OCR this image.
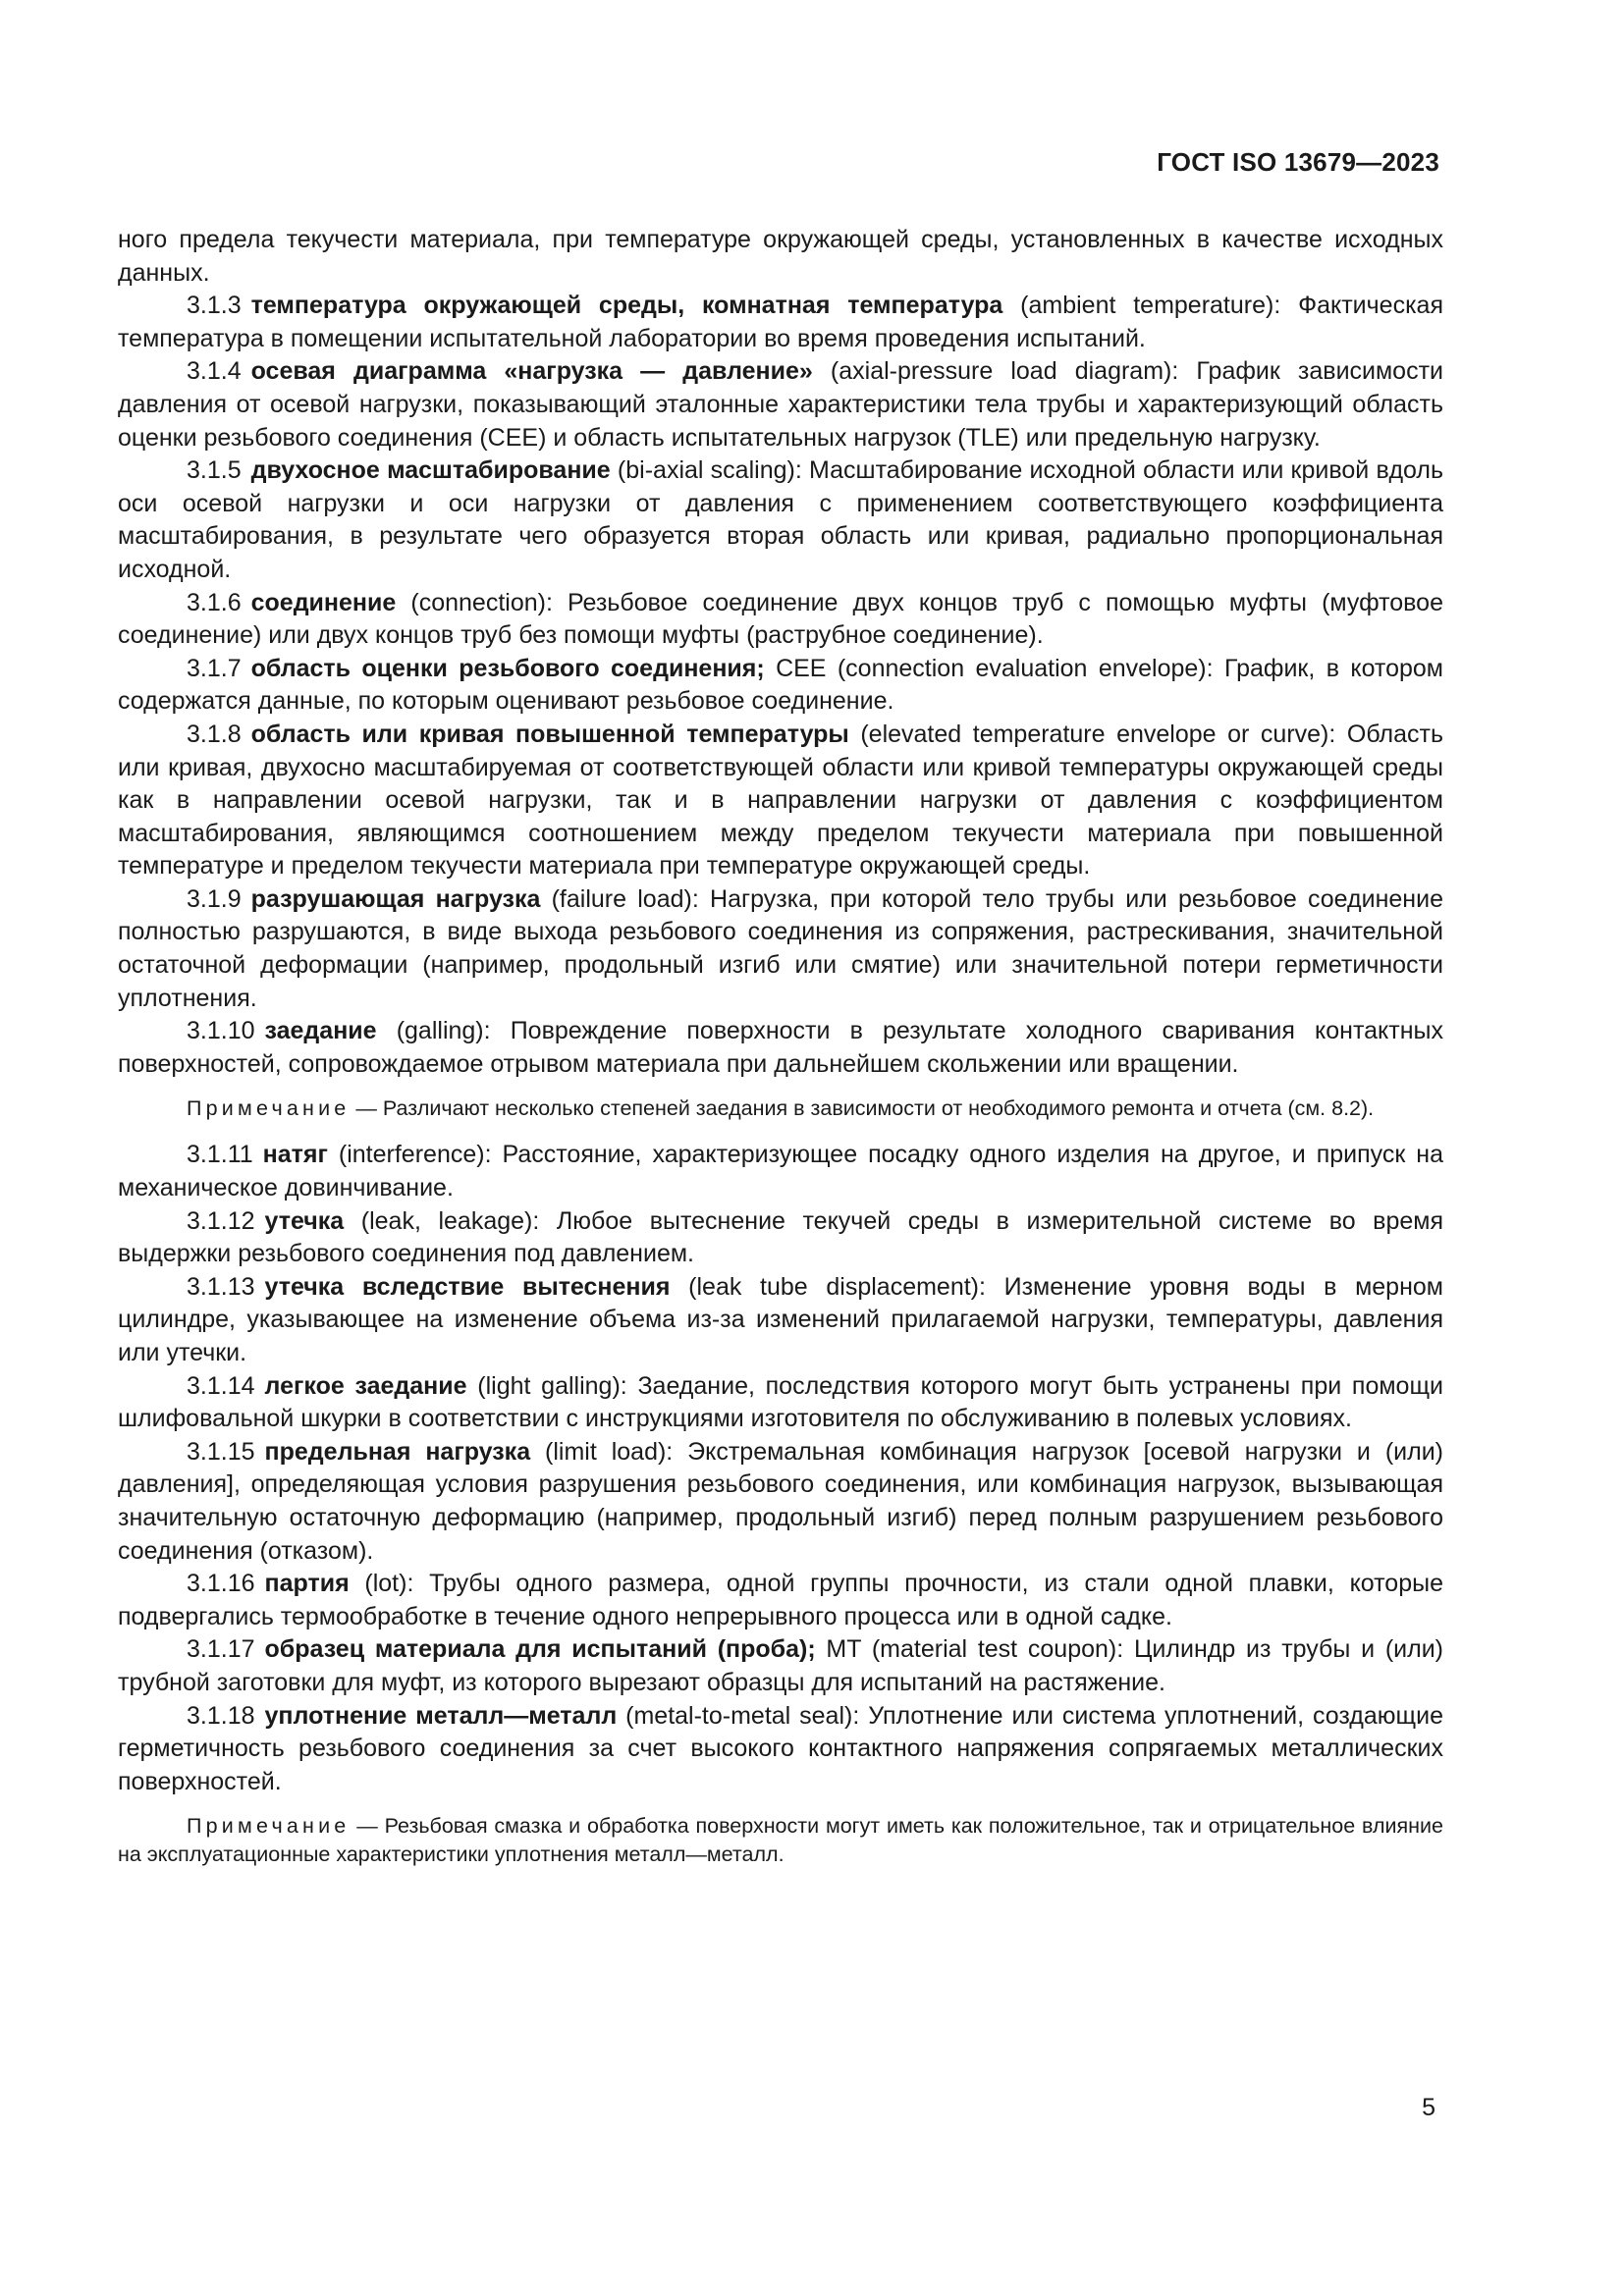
ГОСТ ISO 13679—2023

ного предела текучести материала, при температуре окружающей среды, установленных в качестве исходных данных.

3.1.3 температура окружающей среды, комнатная температура (ambient temperature): Фактическая температура в помещении испытательной лаборатории во время проведения испытаний.

3.1.4 осевая диаграмма «нагрузка — давление» (axial-pressure load diagram): График зависимости давления от осевой нагрузки, показывающий эталонные характеристики тела трубы и характеризующий область оценки резьбового соединения (CEE) и область испытательных нагрузок (TLE) или предельную нагрузку.

3.1.5 двухосное масштабирование (bi-axial scaling): Масштабирование исходной области или кривой вдоль оси осевой нагрузки и оси нагрузки от давления с применением соответствующего коэффициента масштабирования, в результате чего образуется вторая область или кривая, радиально пропорциональная исходной.

3.1.6 соединение (connection): Резьбовое соединение двух концов труб с помощью муфты (муфтовое соединение) или двух концов труб без помощи муфты (раструбное соединение).

3.1.7 область оценки резьбового соединения; CEE (connection evaluation envelope): График, в котором содержатся данные, по которым оценивают резьбовое соединение.

3.1.8 область или кривая повышенной температуры (elevated temperature envelope or curve): Область или кривая, двухосно масштабируемая от соответствующей области или кривой температуры окружающей среды как в направлении осевой нагрузки, так и в направлении нагрузки от давления с коэффициентом масштабирования, являющимся соотношением между пределом текучести материала при повышенной температуре и пределом текучести материала при температуре окружающей среды.

3.1.9 разрушающая нагрузка (failure load): Нагрузка, при которой тело трубы или резьбовое соединение полностью разрушаются, в виде выхода резьбового соединения из сопряжения, растрескивания, значительной остаточной деформации (например, продольный изгиб или смятие) или значительной потери герметичности уплотнения.

3.1.10 заедание (galling): Повреждение поверхности в результате холодного сваривания контактных поверхностей, сопровождаемое отрывом материала при дальнейшем скольжении или вращении.

Примечание — Различают несколько степеней заедания в зависимости от необходимого ремонта и отчета (см. 8.2).

3.1.11 натяг (interference): Расстояние, характеризующее посадку одного изделия на другое, и припуск на механическое довинчивание.

3.1.12 утечка (leak, leakage): Любое вытеснение текучей среды в измерительной системе во время выдержки резьбового соединения под давлением.

3.1.13 утечка вследствие вытеснения (leak tube displacement): Изменение уровня воды в мерном цилиндре, указывающее на изменение объема из-за изменений прилагаемой нагрузки, температуры, давления или утечки.

3.1.14 легкое заедание (light galling): Заедание, последствия которого могут быть устранены при помощи шлифовальной шкурки в соответствии с инструкциями изготовителя по обслуживанию в полевых условиях.

3.1.15 предельная нагрузка (limit load): Экстремальная комбинация нагрузок [осевой нагрузки и (или) давления], определяющая условия разрушения резьбового соединения, или комбинация нагрузок, вызывающая значительную остаточную деформацию (например, продольный изгиб) перед полным разрушением резьбового соединения (отказом).

3.1.16 партия (lot): Трубы одного размера, одной группы прочности, из стали одной плавки, которые подвергались термообработке в течение одного непрерывного процесса или в одной садке.

3.1.17 образец материала для испытаний (проба); MT (material test coupon): Цилиндр из трубы и (или) трубной заготовки для муфт, из которого вырезают образцы для испытаний на растяжение.

3.1.18 уплотнение металл—металл (metal-to-metal seal): Уплотнение или система уплотнений, создающие герметичность резьбового соединения за счет высокого контактного напряжения сопрягаемых металлических поверхностей.

Примечание — Резьбовая смазка и обработка поверхности могут иметь как положительное, так и отрицательное влияние на эксплуатационные характеристики уплотнения металл—металл.

5
